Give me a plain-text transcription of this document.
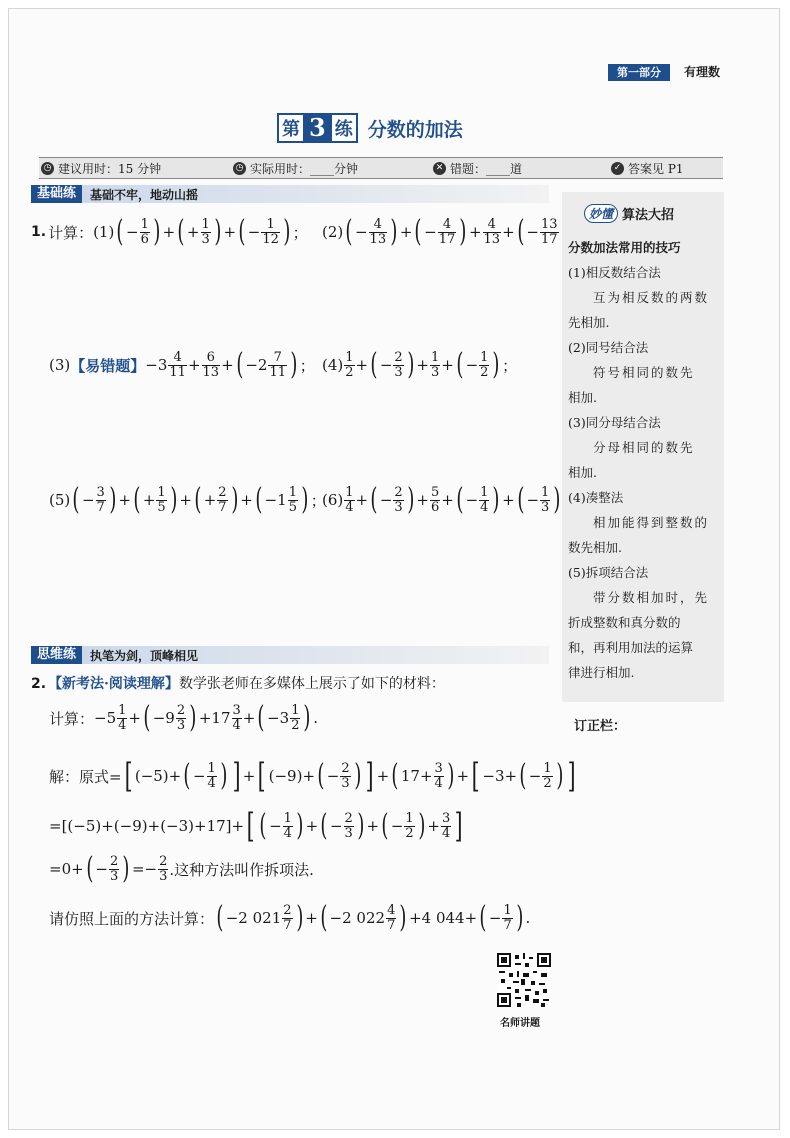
第一部分	有理数
第 3 练 分数的加法
◷ 建议用时：15 分钟	◷ 实际用时：____分钟	✕ 错题：____道	✓ 答案见 P1
基础练	基础不牢，地动山摇
1. 计算： (1) ( − $\frac{1}{6}$ ) + ( + $\frac{1}{3}$ ) + ( − $\frac{1}{12}$ ) ； (2) ( − $\frac{4}{13}$ ) + ( − $\frac{4}{17}$ ) + $\frac{4}{13}$ + ( − $\frac{13}{17}$
(3) 【易错题】 $-3 \frac{4}{11} + \frac{6}{13}$ + ( $-2 \frac{7}{11}$ ) ； $(4) \frac{1}{2}$ + ( − $\frac{2}{3}$ ) + $\frac{1}{3}$ + ( − $\frac{1}{2}$ ) ；
(5) ( − $\frac{3}{7}$ ) + ( + $\frac{1}{5}$ ) + ( + $\frac{2}{7}$ ) + ( $-1 \frac{1}{5}$ ) ；
$(6) \frac{1}{4}$ + ( − $\frac{2}{3}$ ) + $\frac{5}{6}$ + ( − $\frac{1}{4}$ ) + ( − $\frac{1}{3}$ )
妙懂 算法大招

分数加法常用的技巧

(1)相反数结合法

互为相反数的两数

先相加.

(2)同号结合法

符号相同的数先

相加.

(3)同分母结合法

分母相同的数先

相加.

(4)凑整法

相加能得到整数的

数先相加.

(5)拆项结合法

带分数相加时，先

折成整数和真分数的

和，再利用加法的运算

律进行相加.

订正栏：
思维练	执笔为剑，顶峰相见
2. 【新考法·阅读理解】数学张老师在多媒体上展示了如下的材料：
计算： $-5 \frac{1}{4}$ + ( $-9 \frac{2}{3}$ ) $+17 \frac{3}{4}$ + ( $-3 \frac{1}{2}$ ) .
解：原式= [ (−5)+ ( − $\frac{1}{4}$ ) ] + [ (−9)+ ( − $\frac{2}{3}$ ) ] + ( $17+ \frac{3}{4}$ ) + [ −3+ ( − $\frac{1}{2}$ ) ]
=[(−5)+(−9)+(−3)+17]+ [ ( − $\frac{1}{4}$ ) + ( − $\frac{2}{3}$ ) + ( − $\frac{1}{2}$ ) + $\frac{3}{4}$ ]
=0+ ( − $\frac{2}{3}$ ) =− $\frac{2}{3}$ .这种方法叫作拆项法.
请仿照上面的方法计算： ( −2 $021 \frac{2}{7}$ ) + ( −2 $022 \frac{4}{7}$ ) +4 044+ ( − $\frac{1}{7}$ ) .
名师讲题
